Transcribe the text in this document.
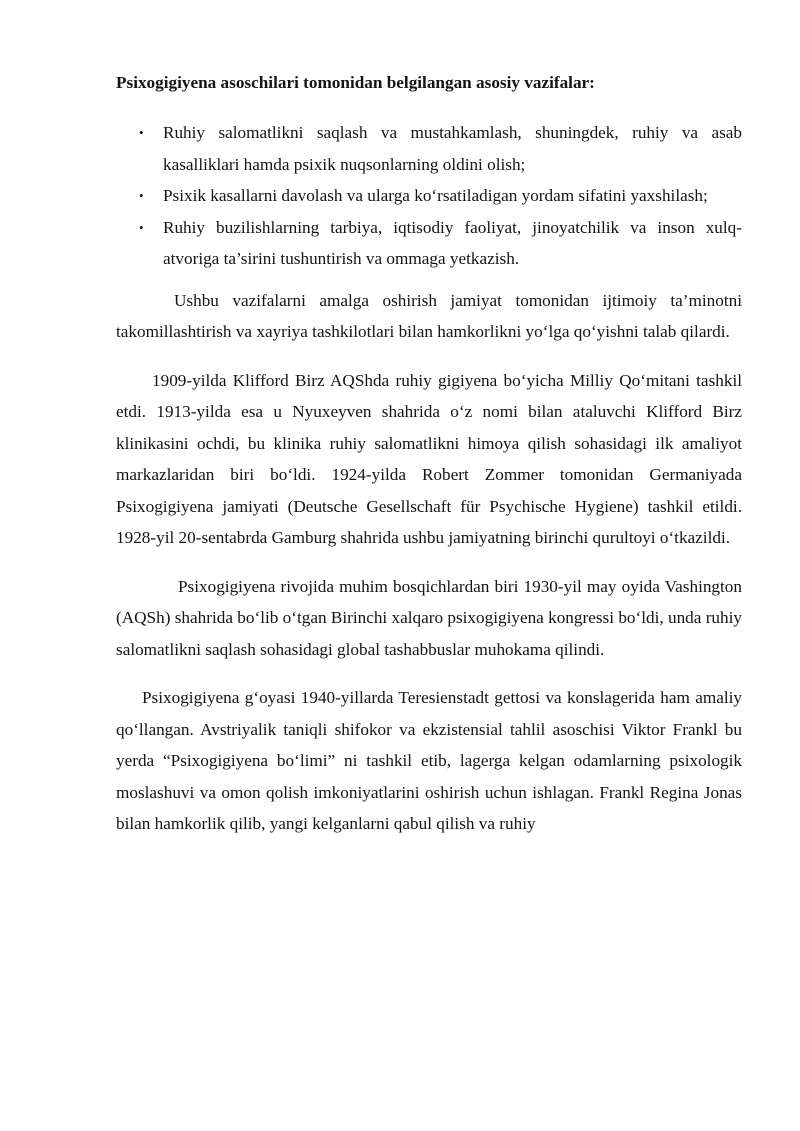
Psixogigiyena asoschilari tomonidan belgilangan asosiy vazifalar:
• Ruhiy salomatlikni saqlash va mustahkamlash, shuningdek, ruhiy va asab kasalliklari hamda psixik nuqsonlarning oldini olish;
• Psixik kasallarni davolash va ularga ko‘rsatiladigan yordam sifatini yaxshilash;
• Ruhiy buzilishlarning tarbiya, iqtisodiy faoliyat, jinoyatchilik va inson xulq-atvoriga ta’sirini tushuntirish va ommaga yetkazish.

Ushbu vazifalarni amalga oshirish jamiyat tomonidan ijtimoiy ta’minotni takomillashtirish va xayriya tashkilotlari bilan hamkorlikni yo‘lga qo‘yishni talab qilardi.

1909-yilda Klifford Birz AQShda ruhiy gigiyena bo‘yicha Milliy Qo‘mitani tashkil etdi. 1913-yilda esa u Nyuxeyven shahrida o‘z nomi bilan ataluvchi Klifford Birz klinikasini ochdi, bu klinika ruhiy salomatlikni himoya qilish sohasidagi ilk amaliyot markazlaridan biri bo‘ldi. 1924-yilda Robert Zommer tomonidan Germaniyada Psixogigiyena jamiyati (Deutsche Gesellschaft für Psychische Hygiene) tashkil etildi. 1928-yil 20-sentabrda Gamburg shahrida ushbu jamiyatning birinchi qurultoyi o‘tkazildi.

Psixogigiyena rivojida muhim bosqichlardan biri 1930-yil may oyida Vashington (AQSh) shahrida bo‘lib o‘tgan Birinchi xalqaro psixogigiyena kongressi bo‘ldi, unda ruhiy salomatlikni saqlash sohasidagi global tashabbuslar muhokama qilindi.

Psixogigiyena g‘oyasi 1940-yillarda Teresienstadt gettosi va konslagerida ham amaliy qo‘llangan. Avstriyalik taniqli shifokor va ekzistensial tahlil asoschisi Viktor Frankl bu yerda “Psixogigiyena bo‘limi” ni tashkil etib, lagerga kelgan odamlarning psixologik moslashuvi va omon qolish imkoniyatlarini oshirish uchun ishlagan. Frankl Regina Jonas bilan hamkorlik qilib, yangi kelganlarni qabul qilish va ruhiy
